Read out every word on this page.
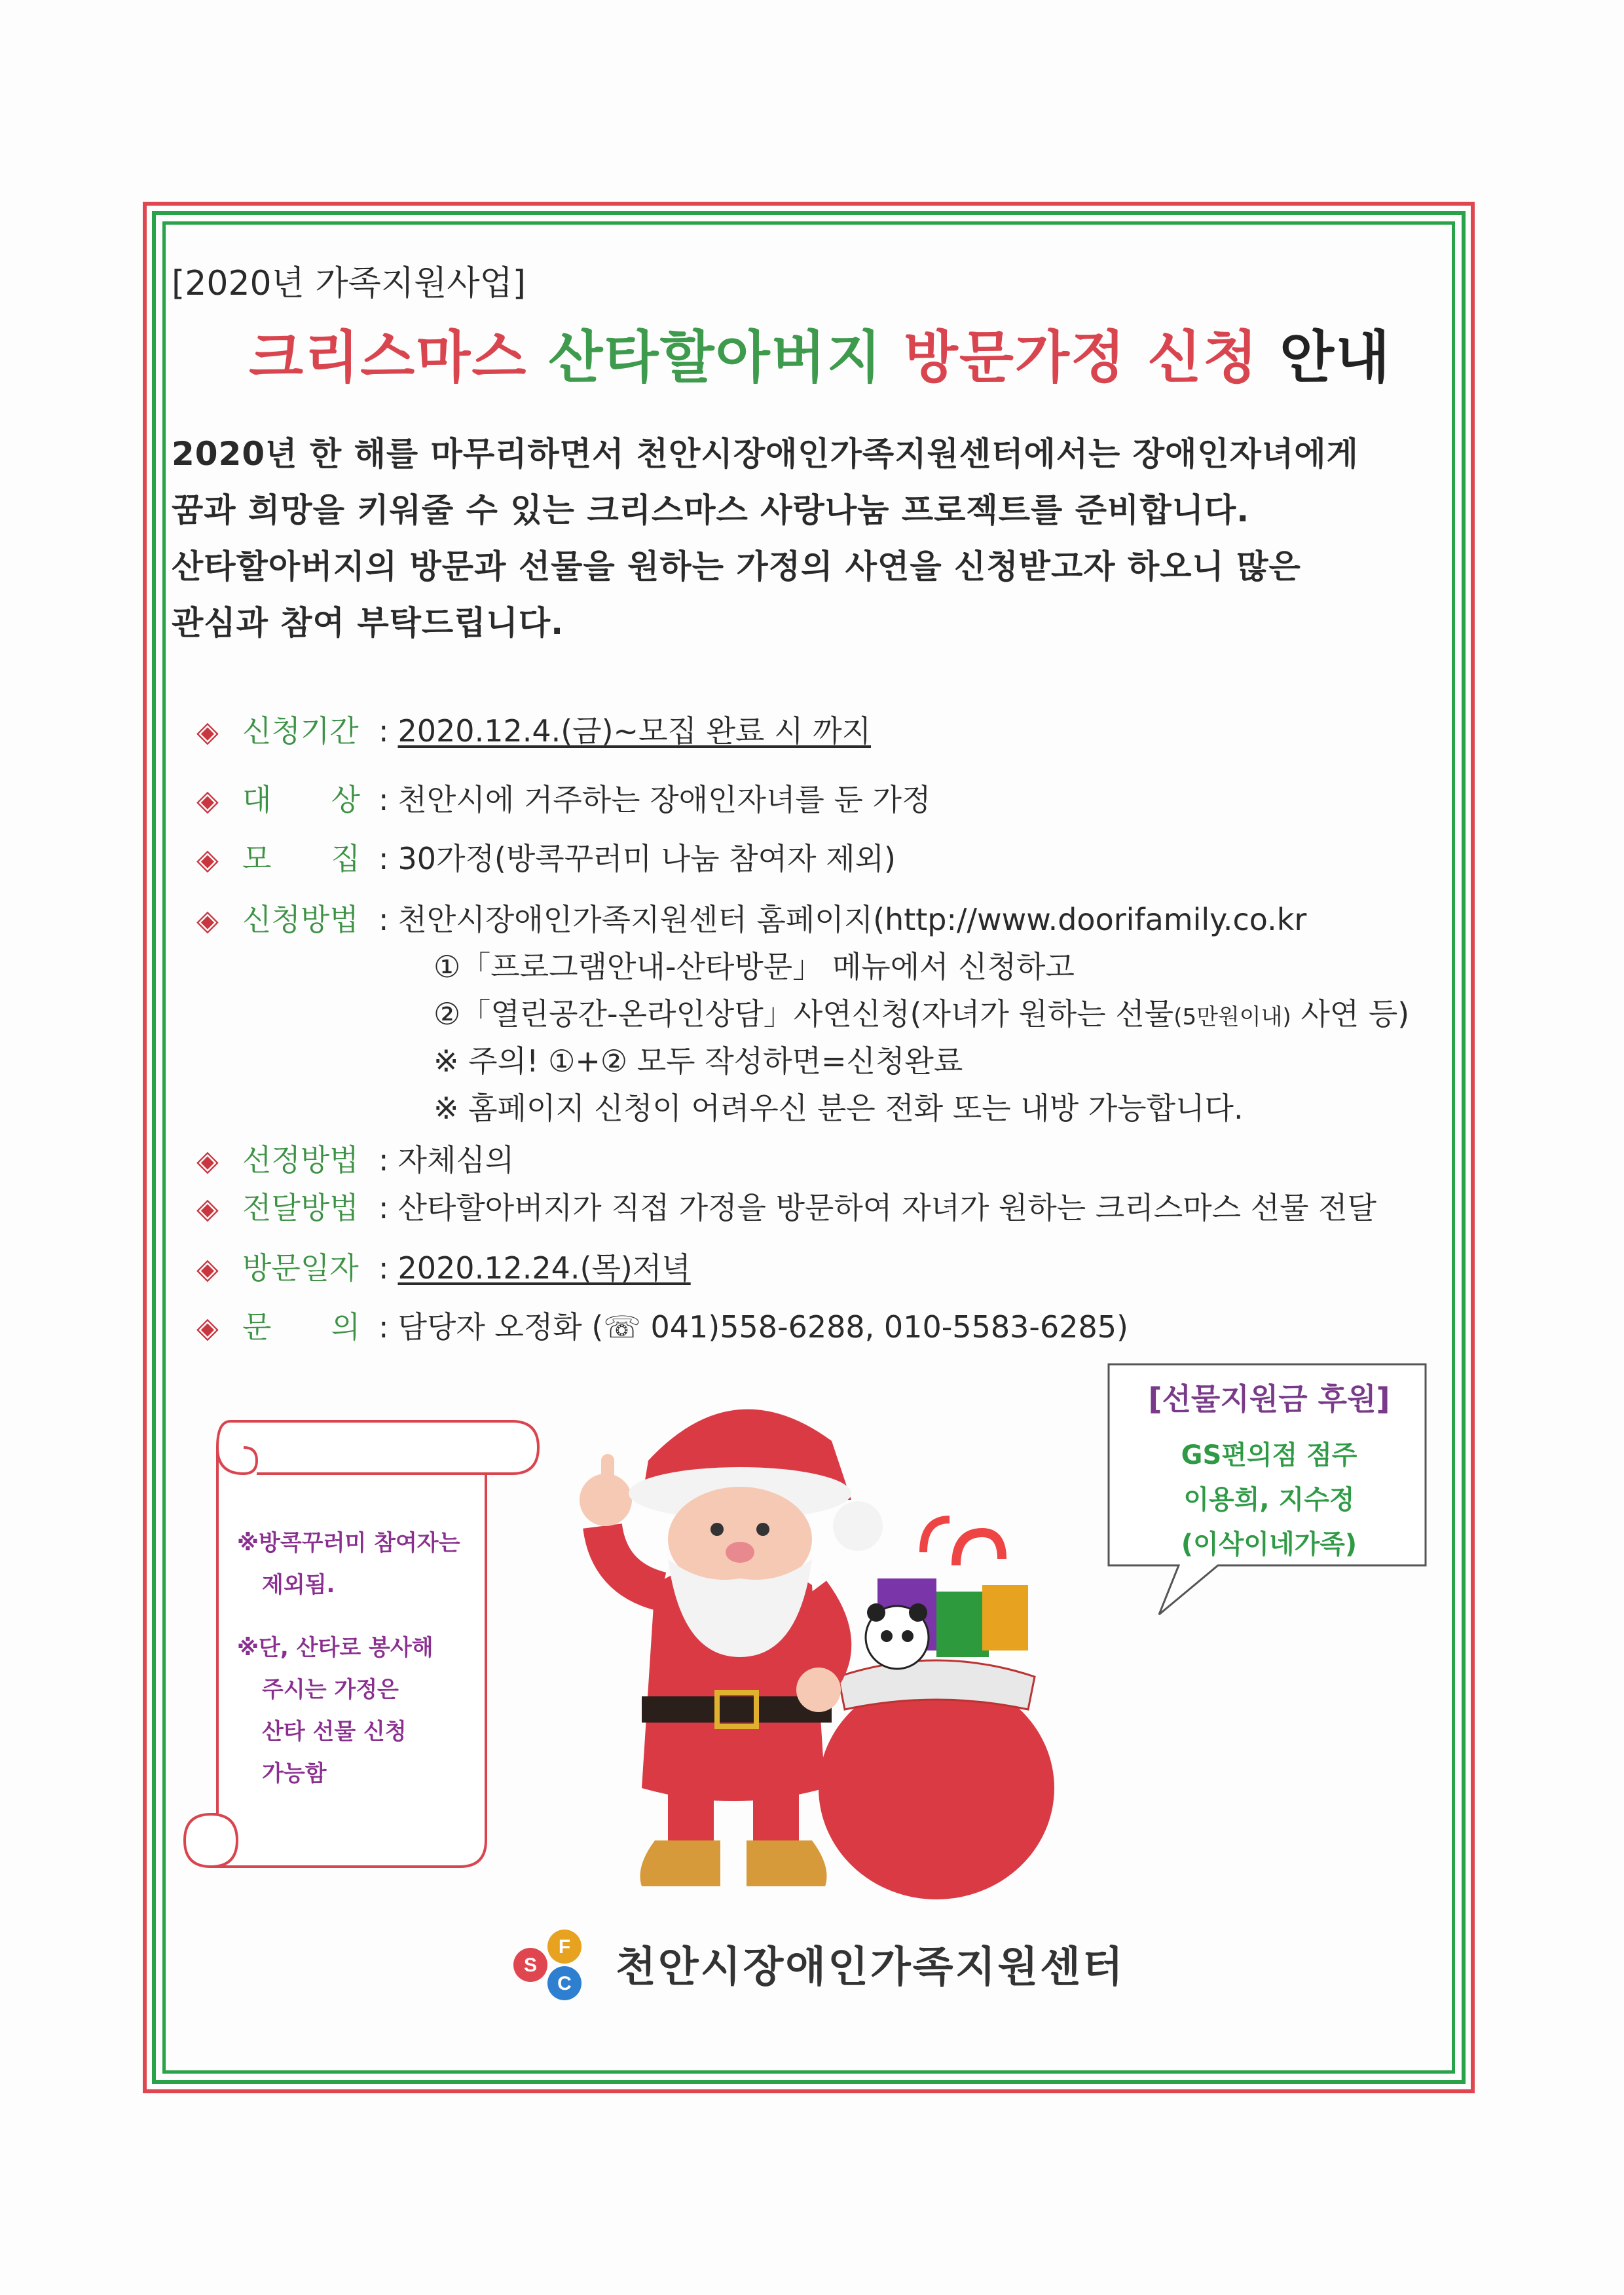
[2020년 가족지원사업]
크리스마스 산타할아버지 방문가정 신청 안내
2020년 한 해를 마무리하면서 천안시장애인가족지원센터에서는 장애인자녀에게
꿈과 희망을 키워줄 수 있는 크리스마스 사랑나눔 프로젝트를 준비합니다.
산타할아버지의 방문과 선물을 원하는 가정의 사연을 신청받고자 하오니 많은
관심과 참여 부탁드립니다.
◈ 신청기간 : 2020.12.4.(금)~모집 완료 시 까지
◈ 대 상 : 천안시에 거주하는 장애인자녀를 둔 가정
◈ 모 집 : 30가정(방콕꾸러미 나눔 참여자 제외)
◈ 신청방법 : 천안시장애인가족지원센터 홈페이지(http://www.doorifamily.co.kr
①「프로그램안내-산타방문」 메뉴에서 신청하고
②「열린공간-온라인상담」사연신청(자녀가 원하는 선물(5만원이내) 사연 등)
※ 주의! ①+② 모두 작성하면=신청완료
※ 홈페이지 신청이 어려우신 분은 전화 또는 내방 가능합니다.
◈ 선정방법 : 자체심의
◈ 전달방법 : 산타할아버지가 직접 가정을 방문하여 자녀가 원하는 크리스마스 선물 전달
◈ 방문일자 : 2020.12.24.(목)저녁
◈ 문 의 : 담당자 오정화 (☏ 041)558-6288, 010-5583-6285)
※방콕꾸러미 참여자는
제외됨.
※단, 산타로 봉사해
주시는 가정은
산타 선물 신청
가능함
[선물지원금 후원]
GS편의점 점주
이용희, 지수정
(이삭이네가족)
S
F
C 천안시장애인가족지원센터
